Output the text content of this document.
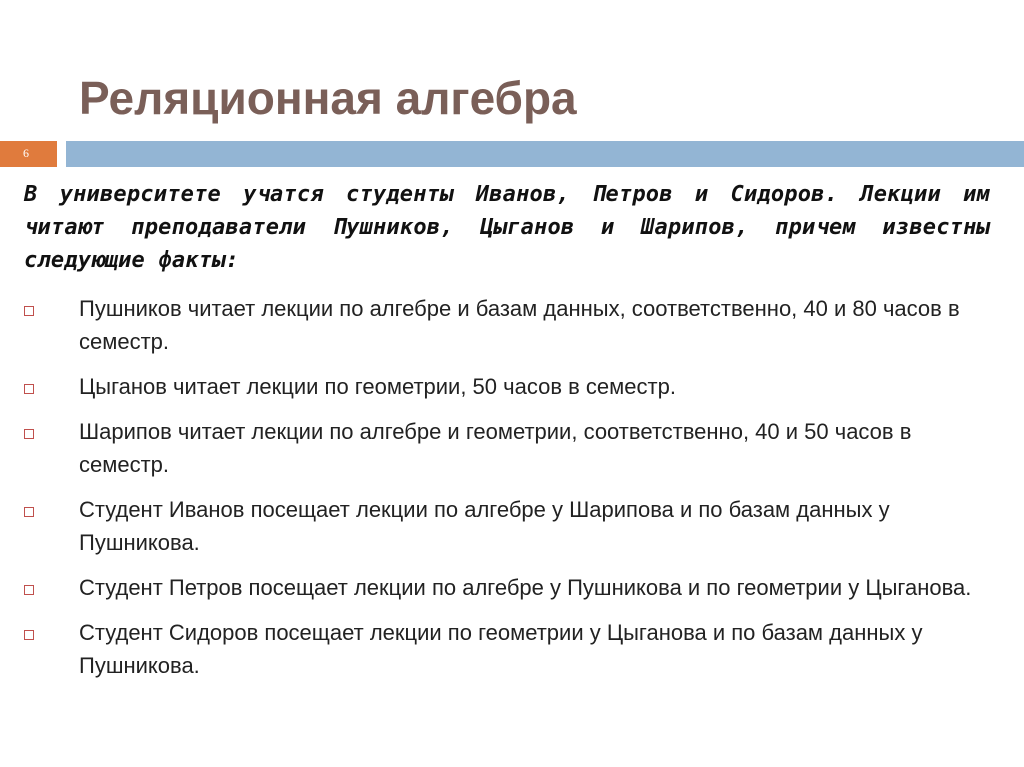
Реляционная алгебра
6

В университете учатся студенты Иванов, Петров и Сидоров. Лекции им читают преподаватели Пушников, Цыганов и Шарипов, причем известны следующие факты:

Пушников читает лекции по алгебре и базам данных, соответственно, 40 и 80 часов в семестр.
Цыганов читает лекции по геометрии, 50 часов в семестр.
Шарипов читает лекции по алгебре и геометрии, соответственно, 40 и 50 часов в семестр.
Студент Иванов посещает лекции по алгебре у Шарипова и по базам данных у Пушникова.
Студент Петров посещает лекции по алгебре у Пушникова и по геометрии у Цыганова.
Студент Сидоров посещает лекции по геометрии у Цыганова и по базам данных у Пушникова.
